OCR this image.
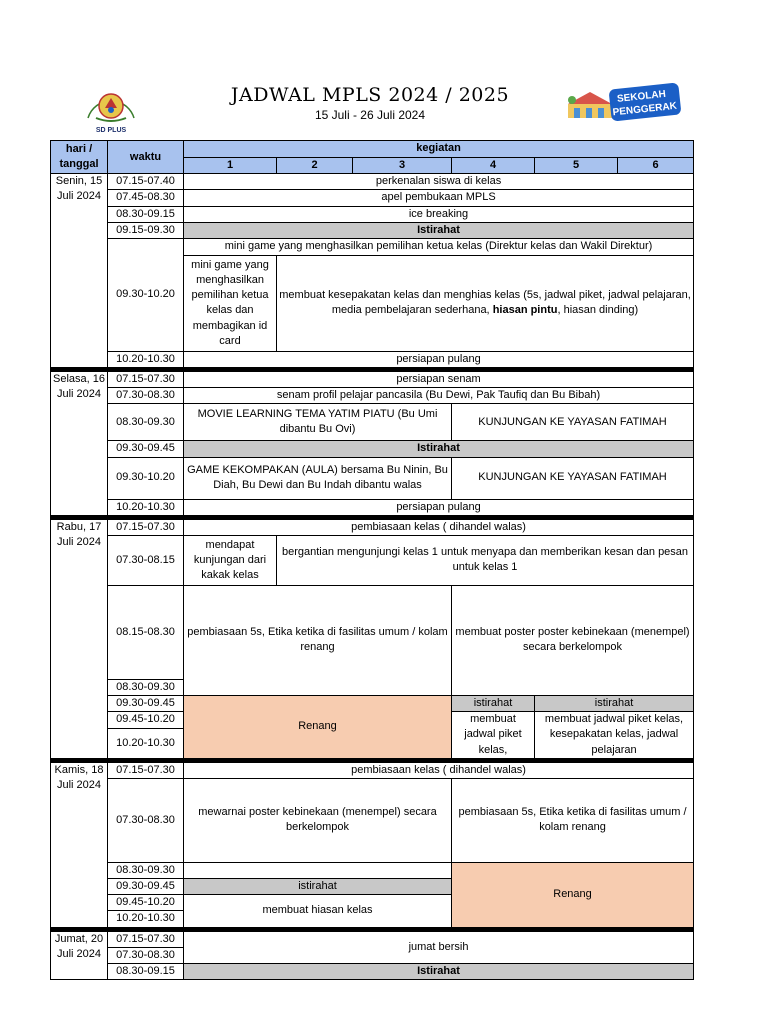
SD PLUS
JADWAL MPLS 2024 / 2025
15 Juli - 26 Juli 2024
SEKOLAH
PENGGERAK
hari / tanggal	waktu	kegiatan					
		1	2	3	4	5	6
Senin, 15 Juli 2024	07.15-07.40	perkenalan siswa di kelas					
	07.45-08.30	apel pembukaan MPLS					
	08.30-09.15	ice breaking					
	09.15-09.30	Istirahat					
	09.30-10.20	mini game yang menghasilkan pemilihan ketua kelas (Direktur kelas dan Wakil Direktur)					
		mini game yang menghasilkan pemilihan ketua kelas dan membagikan id card	membuat kesepakatan kelas dan menghias kelas (5s, jadwal piket, jadwal pelajaran, media pembelajaran sederhana, hiasan pintu, hiasan dinding)				
	10.20-10.30	persiapan pulang					

Selasa, 16 Juli 2024	07.15-07.30	persiapan senam					
	07.30-08.30	senam profil pelajar pancasila (Bu Dewi, Pak Taufiq dan Bu Bibah)					
	08.30-09.30	MOVIE LEARNING TEMA YATIM PIATU (Bu Umi dibantu Bu Ovi)			KUNJUNGAN KE YAYASAN FATIMAH		
	09.30-09.45	Istirahat					
	09.30-10.20	GAME KEKOMPAKAN (AULA) bersama Bu Ninin, Bu Diah, Bu Dewi dan Bu Indah dibantu walas			KUNJUNGAN KE YAYASAN FATIMAH		
	10.20-10.30	persiapan pulang					

Rabu, 17 Juli 2024	07.15-07.30	pembiasaan kelas ( dihandel walas)					
	07.30-08.15	mendapat kunjungan dari kakak kelas	bergantian mengunjungi kelas 1 untuk menyapa dan memberikan kesan dan pesan untuk kelas 1				
	08.15-08.30	pembiasaan 5s, Etika ketika di fasilitas umum / kolam renang			membuat poster poster kebinekaan (menempel) secara berkelompok		
	08.30-09.30						
	09.30-09.45	Renang			istirahat	istirahat	
	09.45-10.20				membuat jadwal piket kelas,	membuat jadwal piket kelas, kesepakatan kelas, jadwal pelajaran	
	10.20-10.30						

Kamis, 18 Juli 2024	07.15-07.30	pembiasaan kelas ( dihandel walas)					
	07.30-08.30	mewarnai poster kebinekaan (menempel) secara berkelompok			pembiasaan 5s, Etika ketika di fasilitas umum / kolam renang		
	08.30-09.30				Renang		
	09.30-09.45	istirahat					
	09.45-10.20	membuat hiasan kelas					
	10.20-10.30						

Jumat, 20 Juli 2024	07.15-07.30	jumat bersih					
	07.30-08.30						
	08.30-09.15	Istirahat					
